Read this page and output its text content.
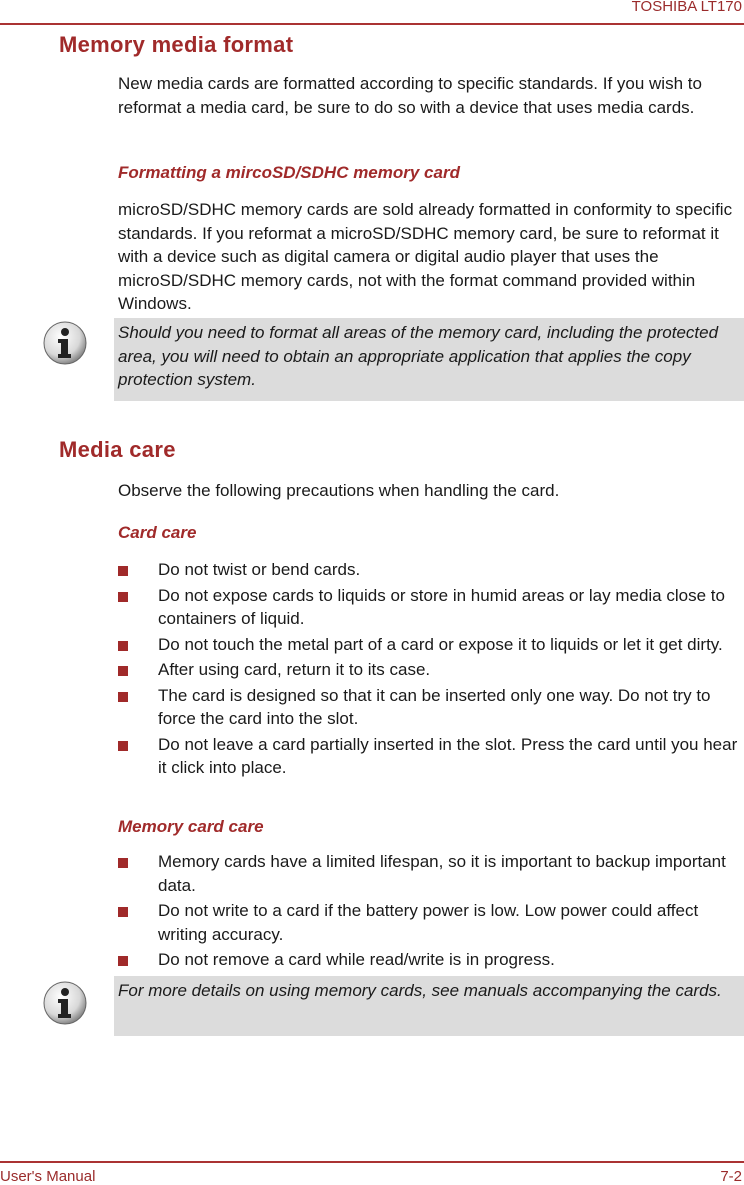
TOSHIBA LT170
Memory media format

New media cards are formatted according to specific standards. If you wish to reformat a media card, be sure to do so with a device that uses media cards.

Formatting a mircoSD/SDHC memory card

microSD/SDHC memory cards are sold already formatted in conformity to specific standards. If you reformat a microSD/SDHC memory card, be sure to reformat it with a device such as digital camera or digital audio player that uses the microSD/SDHC memory cards, not with the format command provided within Windows.

Should you need to format all areas of the memory card, including the protected area, you will need to obtain an appropriate application that applies the copy protection system.

Media care

Observe the following precautions when handling the card.

Card care
Do not twist or bend cards.
Do not expose cards to liquids or store in humid areas or lay media close to containers of liquid.
Do not touch the metal part of a card or expose it to liquids or let it get dirty.
After using card, return it to its case.
The card is designed so that it can be inserted only one way. Do not try to force the card into the slot.
Do not leave a card partially inserted in the slot. Press the card until you hear it click into place.
Memory card care
Memory cards have a limited lifespan, so it is important to backup important data.
Do not write to a card if the battery power is low. Low power could affect writing accuracy.
Do not remove a card while read/write is in progress.

For more details on using memory cards, see manuals accompanying the cards.

User's Manual	7-2
